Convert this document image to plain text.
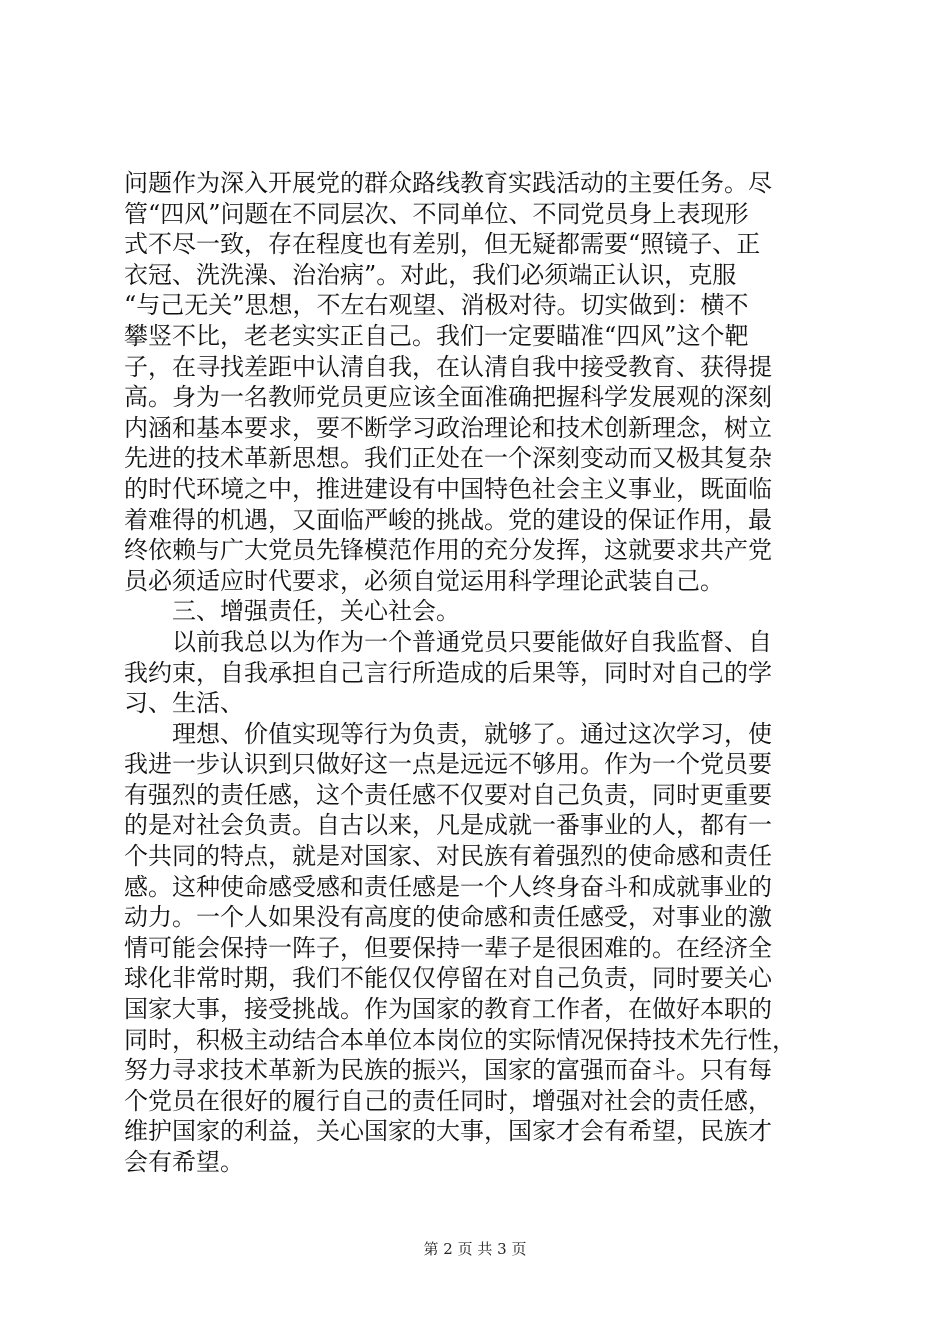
问题作为深入开展党的群众路线教育实践活动的主要任务。尽
管“四风”问题在不同层次、不同单位、不同党员身上表现形
式不尽一致，存在程度也有差别，但无疑都需要“照镜子、正
衣冠、洗洗澡、治治病”。对此，我们必须端正认识，克服
“与己无关”思想，不左右观望、消极对待。切实做到：横不
攀竖不比，老老实实正自己。我们一定要瞄准“四风”这个靶
子，在寻找差距中认清自我，在认清自我中接受教育、获得提
高。身为一名教师党员更应该全面准确把握科学发展观的深刻
内涵和基本要求，要不断学习政治理论和技术创新理念，树立
先进的技术革新思想。我们正处在一个深刻变动而又极其复杂
的时代环境之中，推进建设有中国特色社会主义事业，既面临
着难得的机遇，又面临严峻的挑战。党的建设的保证作用，最
终依赖与广大党员先锋模范作用的充分发挥，这就要求共产党
员必须适应时代要求，必须自觉运用科学理论武装自己。
　　三、增强责任，关心社会。
　　以前我总以为作为一个普通党员只要能做好自我监督、自
我约束，自我承担自己言行所造成的后果等，同时对自己的学
习、生活、
　　理想、价值实现等行为负责，就够了。通过这次学习，使
我进一步认识到只做好这一点是远远不够用。作为一个党员要
有强烈的责任感，这个责任感不仅要对自己负责，同时更重要
的是对社会负责。自古以来，凡是成就一番事业的人，都有一
个共同的特点，就是对国家、对民族有着强烈的使命感和责任
感。这种使命感受感和责任感是一个人终身奋斗和成就事业的
动力。一个人如果没有高度的使命感和责任感受，对事业的激
情可能会保持一阵子，但要保持一辈子是很困难的。在经济全
球化非常时期，我们不能仅仅停留在对自己负责，同时要关心
国家大事，接受挑战。作为国家的教育工作者，在做好本职的
同时，积极主动结合本单位本岗位的实际情况保持技术先行性，
努力寻求技术革新为民族的振兴，国家的富强而奋斗。只有每
个党员在很好的履行自己的责任同时，增强对社会的责任感，
维护国家的利益，关心国家的大事，国家才会有希望，民族才
会有希望。
第 2 页 共 3 页
